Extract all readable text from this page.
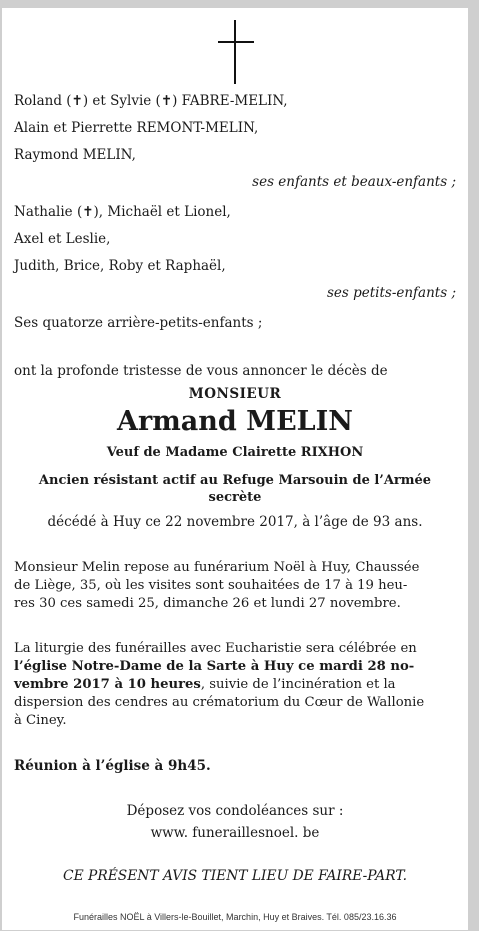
Roland (✝) et Sylvie (✝) FABRE-MELIN,
Alain et Pierrette REMONT-MELIN,
Raymond MELIN,
ses enfants et beaux-enfants ;
Nathalie (✝), Michaël et Lionel,
Axel et Leslie,
Judith, Brice, Roby et Raphaël,
ses petits-enfants ;
Ses quatorze arrière-petits-enfants ;
ont la profonde tristesse de vous annoncer le décès de
MONSIEUR
Armand MELIN
Veuf de Madame Clairette RIXHON
Ancien résistant actif au Refuge Marsouin de l’Armée
secrète
décédé à Huy ce 22 novembre 2017, à l’âge de 93 ans.
Monsieur Melin repose au funérarium Noël à Huy, Chaussée
de Liège, 35, où les visites sont souhaitées de 17 à 19 heu-
res 30 ces samedi 25, dimanche 26 et lundi 27 novembre.
La liturgie des funérailles avec Eucharistie sera célébrée en
l’église Notre-Dame de la Sarte à Huy ce mardi 28 no-
vembre 2017 à 10 heures, suivie de l’incinération et la
dispersion des cendres au crématorium du Cœur de Wallonie
à Ciney.
Réunion à l’église à 9h45.
Déposez vos condoléances sur :
www. funeraillesnoel. be
CE PRÉSENT AVIS TIENT LIEU DE FAIRE-PART.
Funérailles NOËL à Villers-le-Bouillet, Marchin, Huy et Braives. Tél. 085/23.16.36
